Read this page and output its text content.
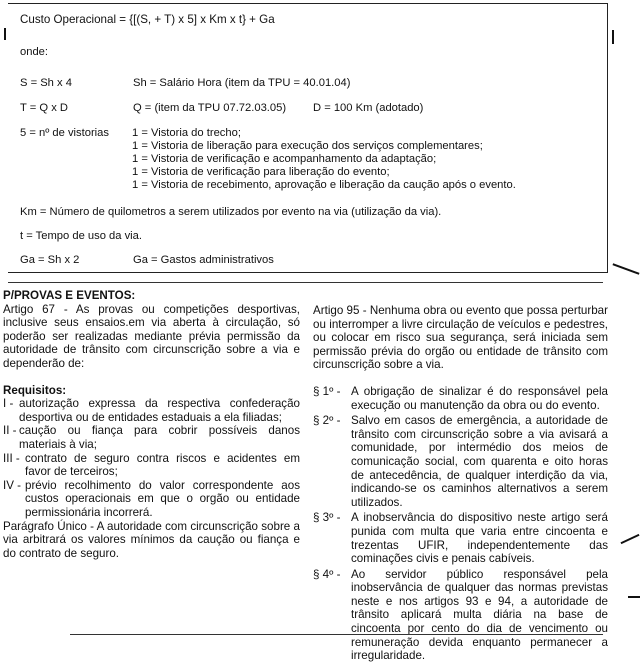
Custo Operacional = {[(S, + T) x 5] x Km x t} + Ga
onde:
S = Sh x 4	Sh = Salário Hora (item da TPU = 40.01.04)
T = Q x D	Q = (item da TPU 07.72.03.05) D = 100 Km (adotado)
5 = nº de vistorias 1 = Vistoria do trecho;
1 = Vistoria de liberação para execução dos serviços complementares;
1 = Vistoria de verificação e acompanhamento da adaptação;
1 = Vistoria de verificação para liberação do evento;
1 = Vistoria de recebimento, aprovação e liberação da caução após o evento.
Km = Número de quilometros a serem utilizados por evento na via (utilização da via).
t = Tempo de uso da via.
Ga = Sh x 2	Ga = Gastos administrativos

P/PROVAS E EVENTOS:

Artigo 67 - As provas ou competições desportivas, inclusive seus ensaios.em via aberta à circulação, só poderão ser realizadas mediante prévia permissão da autoridade de trânsito com circunscrição sobre a via e dependerão de:

Requisitos:

I - autorização expressa da respectiva confederação desportiva ou de entidades estaduais a ela filiadas;
II - caução ou fiança para cobrir possíveis danos materiais à via;
III - contrato de seguro contra riscos e acidentes em favor de terceiros;
IV - prévio recolhimento do valor correspondente aos custos operacionais em que o orgão ou entidade permissionária incorrerá.

Parágrafo Único - A autoridade com circunscrição sobre a via arbitrará os valores mínimos da caução ou fiança e do contrato de seguro.

Artigo 95 - Nenhuma obra ou evento que possa perturbar ou interromper a livre circulação de veículos e pedestres, ou colocar em risco sua segurança, será iniciada sem permissão prévia do orgão ou entidade de trânsito com circunscrição sobre a via.

§ 1º - A obrigação de sinalizar é do responsável pela execução ou manutenção da obra ou do evento.
§ 2º - Salvo em casos de emergência, a autoridade de trânsito com circunscrição sobre a via avisará a comunidade, por intermédio dos meios de comunicação social, com quarenta e oito horas de antecedência, de qualquer interdição da via, indicando-se os caminhos alternativos a serem utilizados.
§ 3º - A inobservância do dispositivo neste artigo será punida com multa que varia entre cincoenta e trezentas UFIR, independentemente das cominações civis e penais cabíveis.
§ 4º - Ao servidor público responsável pela inobservância de qualquer das normas previstas neste e nos artigos 93 e 94, a autoridade de trânsito aplicará multa diária na base de cincoenta por cento do dia de vencimento ou remuneração devida enquanto permanecer a irregularidade.
